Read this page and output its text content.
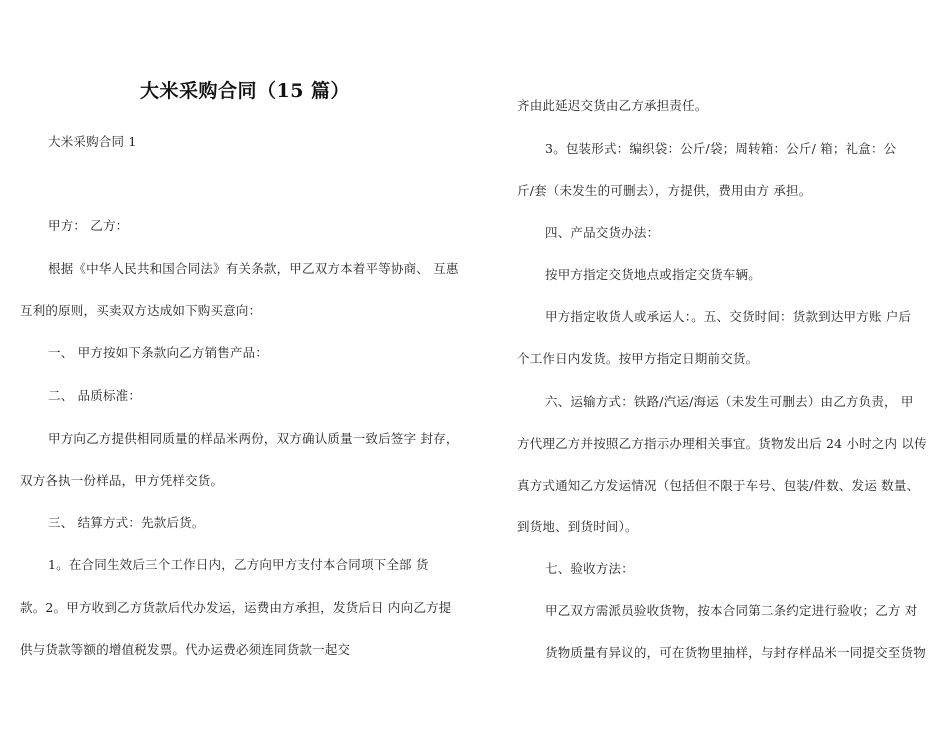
大米采购合同（15 篇）
大米采购合同 1
甲方： 乙方：
根据《中华人民共和国合同法》有关条款，甲乙双方本着平等协商、 互惠
互利的原则，买卖双方达成如下购买意向：
一、 甲方按如下条款向乙方销售产品：
二、 品质标准：
甲方向乙方提供相同质量的样品米两份，双方确认质量一致后签字 封存，
双方各执一份样品，甲方凭样交货。
三、 结算方式：先款后货。
1。在合同生效后三个工作日内，乙方向甲方支付本合同项下全部 货
款。2。甲方收到乙方货款后代办发运，运费由方承担，发货后日 内向乙方提
供与货款等额的增值税发票。代办运费必须连同货款一起交
齐由此延迟交货由乙方承担责任。
3。包装形式：编织袋：公斤/袋；周转箱：公斤/ 箱；礼盒：公
斤/套（未发生的可删去），方提供，费用由方 承担。
四、产品交货办法：
按甲方指定交货地点或指定交货车辆。
甲方指定收货人或承运人：。五、交货时间：货款到达甲方账 户后
个工作日内发货。按甲方指定日期前交货。
六、运输方式：铁路/汽运/海运（未发生可删去）由乙方负责， 甲
方代理乙方并按照乙方指示办理相关事宜。货物发出后 24 小时之内 以传
真方式通知乙方发运情况（包括但不限于车号、包装/件数、发运 数量、
到货地、到货时间）。
七、验收方法：
甲乙双方需派员验收货物，按本合同第二条约定进行验收；乙方 对
货物质量有异议的，可在货物里抽样，与封存样品米一同提交至货物
